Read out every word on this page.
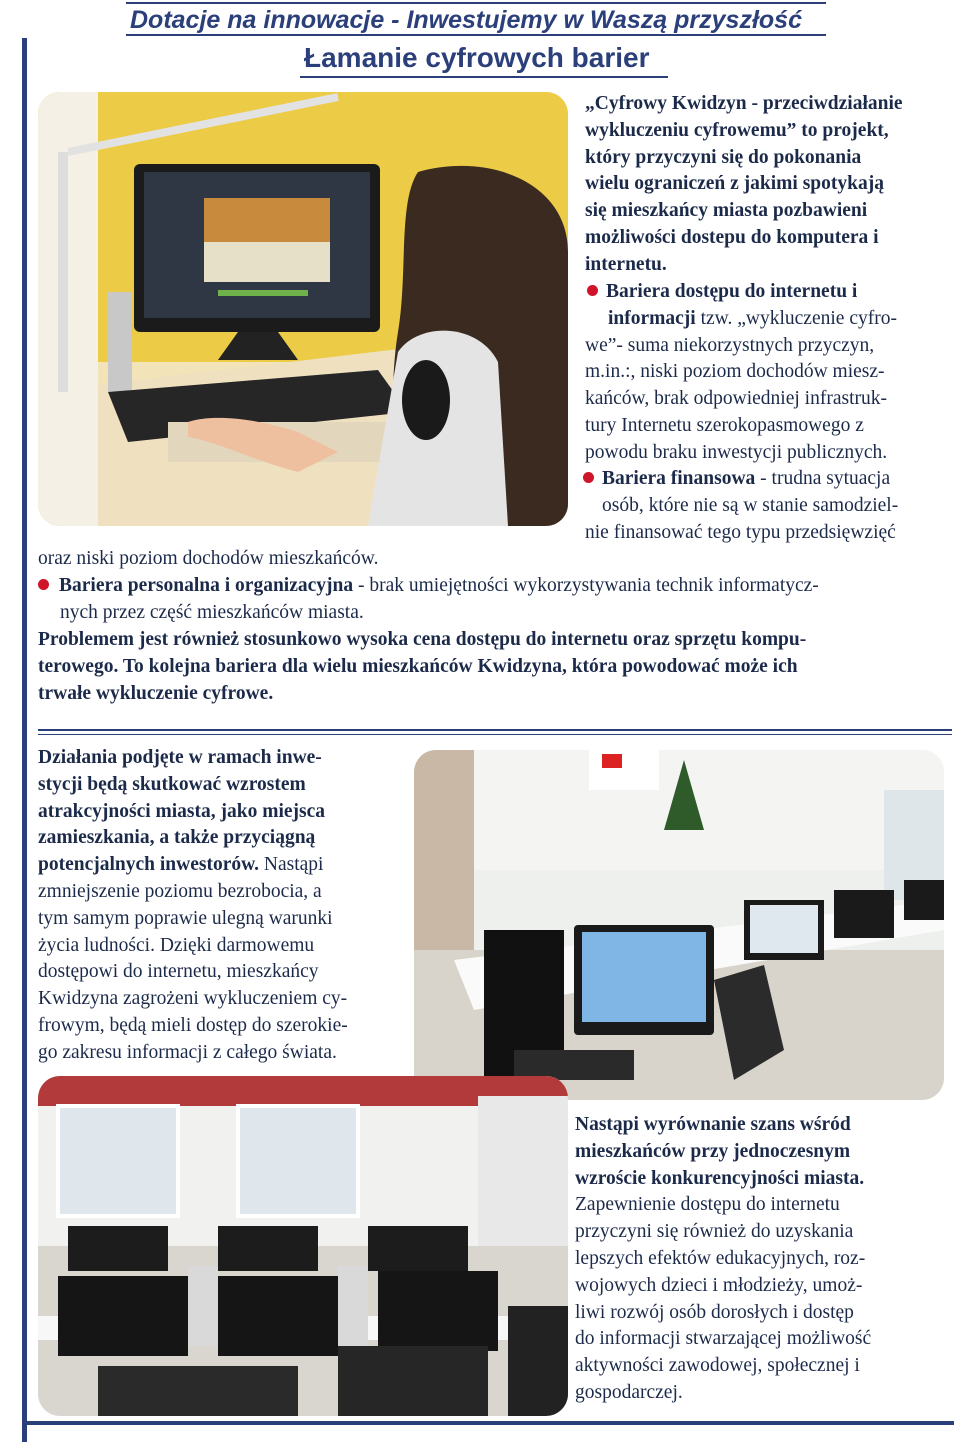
Dotacje na innowacje - Inwestujemy w Waszą przyszłość
Łamanie cyfrowych barier
„Cyfrowy Kwidzyn - przeciwdziałanie
wykluczeniu cyfrowemu” to projekt,
który przyczyni się do pokonania
wielu ograniczeń z jakimi spotykają
się mieszkańcy miasta pozbawieni
możliwości dostepu do komputera i
internetu.
Bariera dostępu do internetu i
informacji tzw. „wykluczenie cyfro-
we”- suma niekorzystnych przyczyn,
m.in.:, niski poziom dochodów miesz-
kańców, brak odpowiedniej infrastruk-
tury Internetu szerokopasmowego z
powodu braku inwestycji publicznych.
Bariera finansowa - trudna sytuacja
osób, które nie są w stanie samodziel-
nie finansować tego typu przedsięwzięć
oraz niski poziom dochodów mieszkańców.
Bariera personalna i organizacyjna - brak umiejętności wykorzystywania technik informatycz-
nych przez część mieszkańców miasta.
Problemem jest również stosunkowo wysoka cena dostępu do internetu oraz sprzętu kompu-
terowego. To kolejna bariera dla wielu mieszkańców Kwidzyna, która powodować może ich
trwałe wykluczenie cyfrowe.
Działania podjęte w ramach inwe-
stycji będą skutkować wzrostem
atrakcyjności miasta, jako miejsca
zamieszkania, a także przyciągną
potencjalnych inwestorów. Nastąpi
zmniejszenie poziomu bezrobocia, a
tym samym poprawie ulegną warunki
życia ludności. Dzięki darmowemu
dostępowi do internetu, mieszkańcy
Kwidzyna zagrożeni wykluczeniem cy-
frowym, będą mieli dostęp do szerokie-
go zakresu informacji z całego świata.
Nastąpi wyrównanie szans wśród
mieszkańców przy jednoczesnym
wzroście konkurencyjności miasta.
Zapewnienie dostępu do internetu
przyczyni się również do uzyskania
lepszych efektów edukacyjnych, roz-
wojowych dzieci i młodzieży, umoż-
liwi rozwój osób dorosłych i dostęp
do informacji stwarzającej możliwość
aktywności zawodowej, społecznej i
gospodarczej.
